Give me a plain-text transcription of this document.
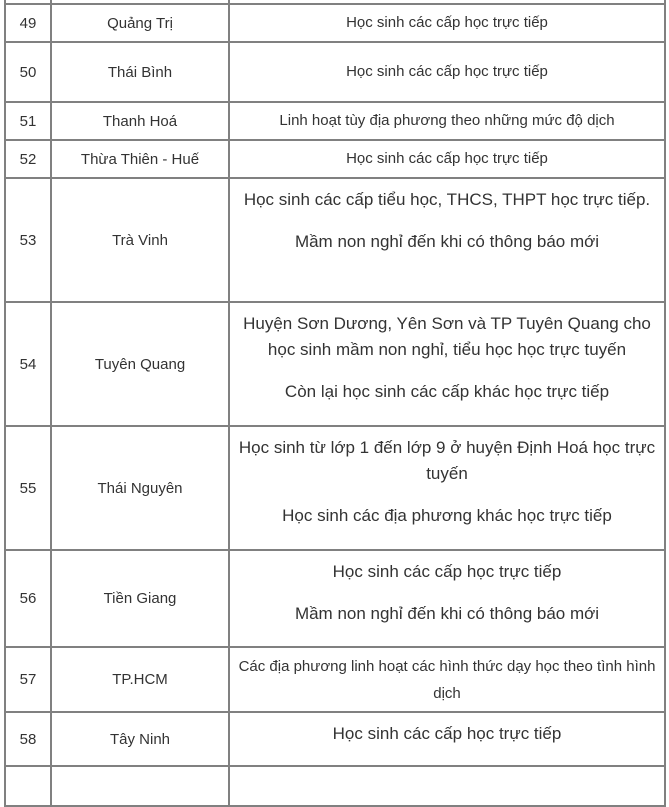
49	Quảng Trị	Học sinh các cấp học trực tiếp

50	Thái Bình	Học sinh các cấp học trực tiếp

51	Thanh Hoá	Linh hoạt tùy địa phương theo những mức độ dịch

52	Thừa Thiên - Huế	Học sinh các cấp học trực tiếp

53	Trà Vinh	Học sinh các cấp tiểu học, THCS, THPT học trực tiếp.

Mầm non nghỉ đến khi có thông báo mới

54	Tuyên Quang	Huyện Sơn Dương, Yên Sơn và TP Tuyên Quang cho học sinh mầm non nghỉ, tiểu học học trực tuyến

Còn lại học sinh các cấp khác học trực tiếp

55	Thái Nguyên	Học sinh từ lớp 1 đến lớp 9 ở huyện Định Hoá học trực tuyến

Học sinh các địa phương khác học trực tiếp

56	Tiền Giang	Học sinh các cấp học trực tiếp

Mầm non nghỉ đến khi có thông báo mới

57	TP.HCM	Các địa phương linh hoạt các hình thức dạy học theo tình hình dịch

58	Tây Ninh	Học sinh các cấp học trực tiếp
